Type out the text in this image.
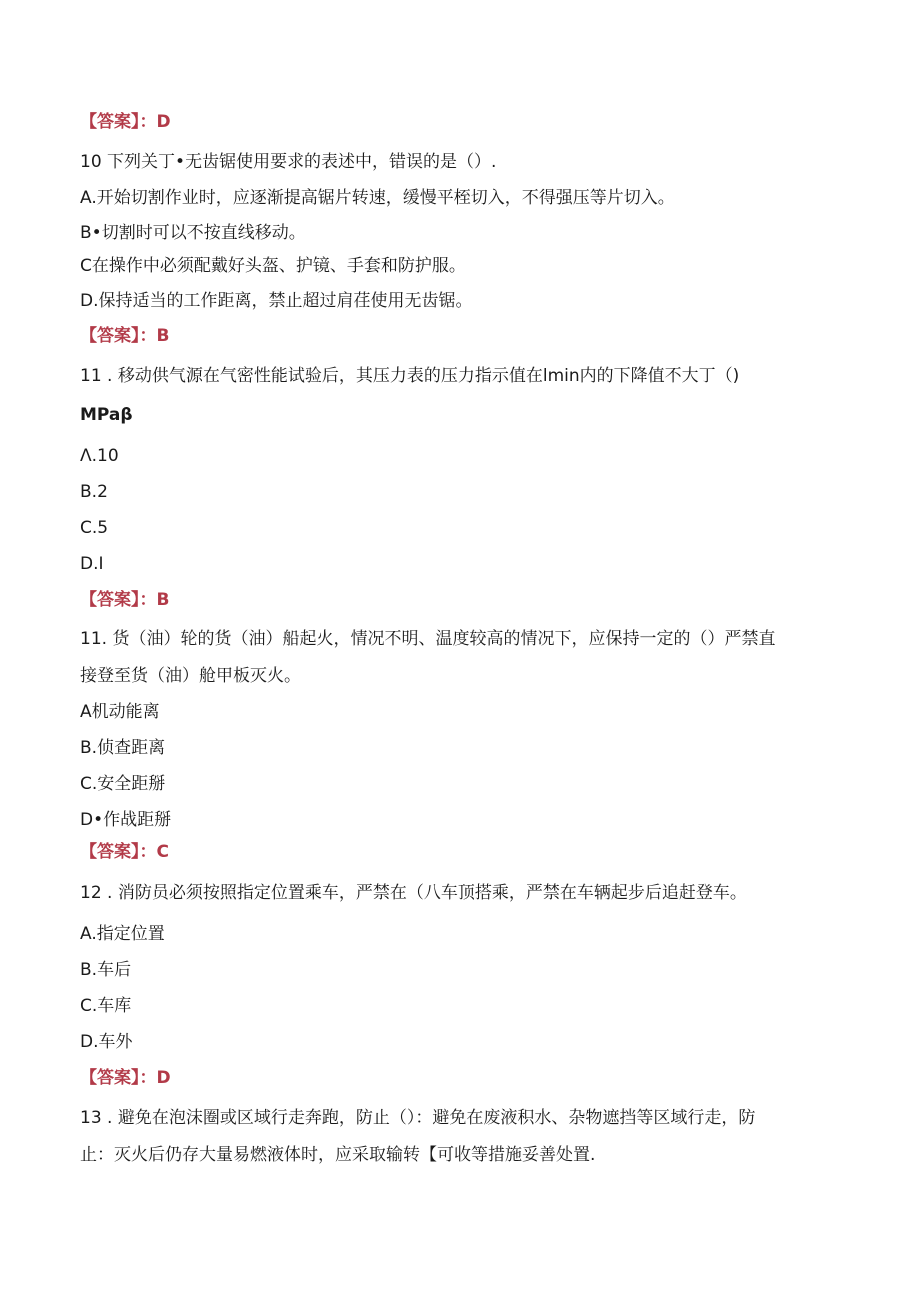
【答案】：D
10 下列关丁•无齿锯使用要求的表述中，错误的是（）.
A.开始切割作业时，应逐渐提高锯片转速，缓慢平桎切入，不得强压等片切入。
B•切割时可以不按直线移动。
C在操作中必须配戴好头盔、护镜、手套和防护服。
D.保持适当的工作距离，禁止超过肩荏使用无齿锯。
【答案】：B
11 . 移动供气源在气密性能试验后，其压力表的压力指示值在lmin内的下降值不大丁（)
MPaβ
Λ.10
B.2
C.5
D.I
【答案】：B
11. 货（油）轮的货（油）船起火，情况不明、温度较高的情况下，应保持一定的（）严禁直
接登至货（油）舱甲板灭火。
A机动能离
B.侦查距离
C.安全距掰
D•作战距掰
【答案】：C
12 . 消防员必须按照指定位置乘车，严禁在（八车顶搭乘，严禁在车辆起步后追赶登车。
A.指定位置
B.车后
C.车库
D.车外
【答案】：D
13 . 避免在泡沫圈或区域行走奔跑，防止（）：避免在废液积水、杂物遮挡等区域行走，防
止：灭火后仍存大量易燃液体时，应采取输转【可收等措施妥善处置.
